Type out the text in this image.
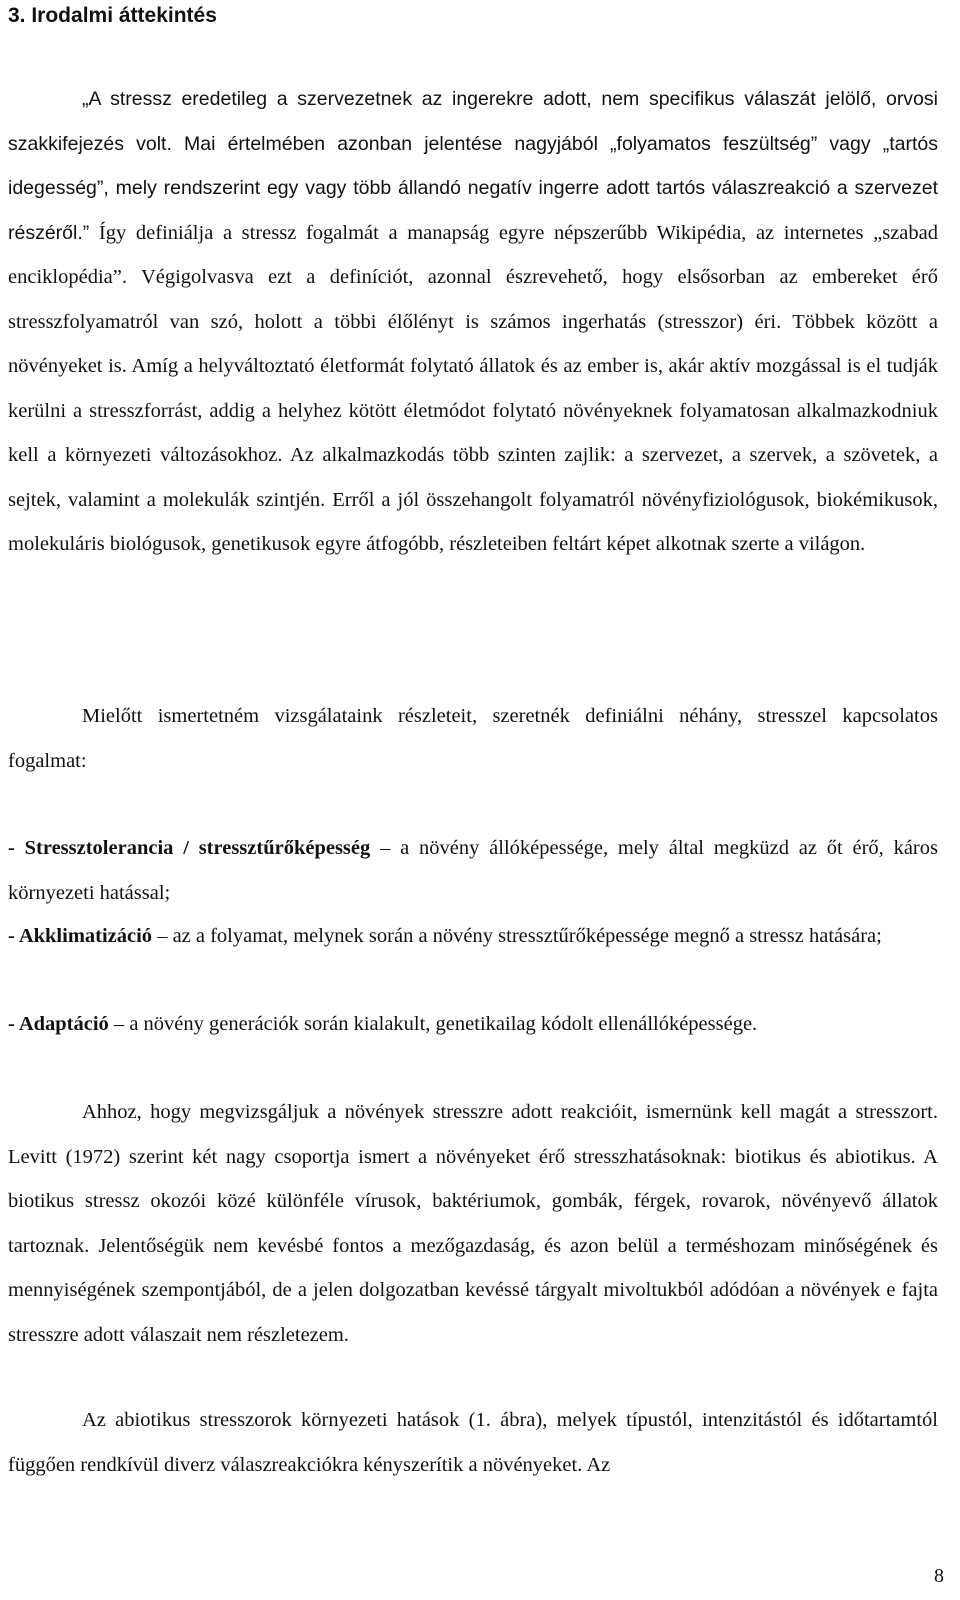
3. Irodalmi áttekintés

„A stressz eredetileg a szervezetnek az ingerekre adott, nem specifikus válaszát jelölő, orvosi szakkifejezés volt. Mai értelmében azonban jelentése nagyjából „folyamatos feszültség” vagy „tartós idegesség”, mely rendszerint egy vagy több állandó negatív ingerre adott tartós válaszreakció a szervezet részéről.” Így definiálja a stressz fogalmát a manapság egyre népszerűbb Wikipédia, az internetes „szabad enciklopédia”. Végigolvasva ezt a definíciót, azonnal észrevehető, hogy elsősorban az embereket érő stresszfolyamatról van szó, holott a többi élőlényt is számos ingerhatás (stresszor) éri. Többek között a növényeket is. Amíg a helyváltoztató életformát folytató állatok és az ember is, akár aktív mozgással is el tudják kerülni a stresszforrást, addig a helyhez kötött életmódot folytató növényeknek folyamatosan alkalmazkodniuk kell a környezeti változásokhoz. Az alkalmazkodás több szinten zajlik: a szervezet, a szervek, a szövetek, a sejtek, valamint a molekulák szintjén. Erről a jól összehangolt folyamatról növényfiziológusok, biokémikusok, molekuláris biológusok, genetikusok egyre átfogóbb, részleteiben feltárt képet alkotnak szerte a világon.

Mielőtt ismertetném vizsgálataink részleteit, szeretnék definiálni néhány, stresszel kapcsolatos fogalmat:

- Stressztolerancia / stressztűrőképesség – a növény állóképessége, mely által megküzd az őt érő, káros környezeti hatással;

- Akklimatizáció – az a folyamat, melynek során a növény stressztűrőképessége megnő a stressz hatására;

- Adaptáció – a növény generációk során kialakult, genetikailag kódolt ellenállóképessége.

Ahhoz, hogy megvizsgáljuk a növények stresszre adott reakcióit, ismernünk kell magát a stresszort. Levitt (1972) szerint két nagy csoportja ismert a növényeket érő stresszhatásoknak: biotikus és abiotikus. A biotikus stressz okozói közé különféle vírusok, baktériumok, gombák, férgek, rovarok, növényevő állatok tartoznak. Jelentőségük nem kevésbé fontos a mezőgazdaság, és azon belül a terméshozam minőségének és mennyiségének szempontjából, de a jelen dolgozatban kevéssé tárgyalt mivoltukból adódóan a növények e fajta stresszre adott válaszait nem részletezem.

Az abiotikus stresszorok környezeti hatások (1. ábra), melyek típustól, intenzitástól és időtartamtól függően rendkívül diverz válaszreakciókra kényszerítik a növényeket. Az

8
